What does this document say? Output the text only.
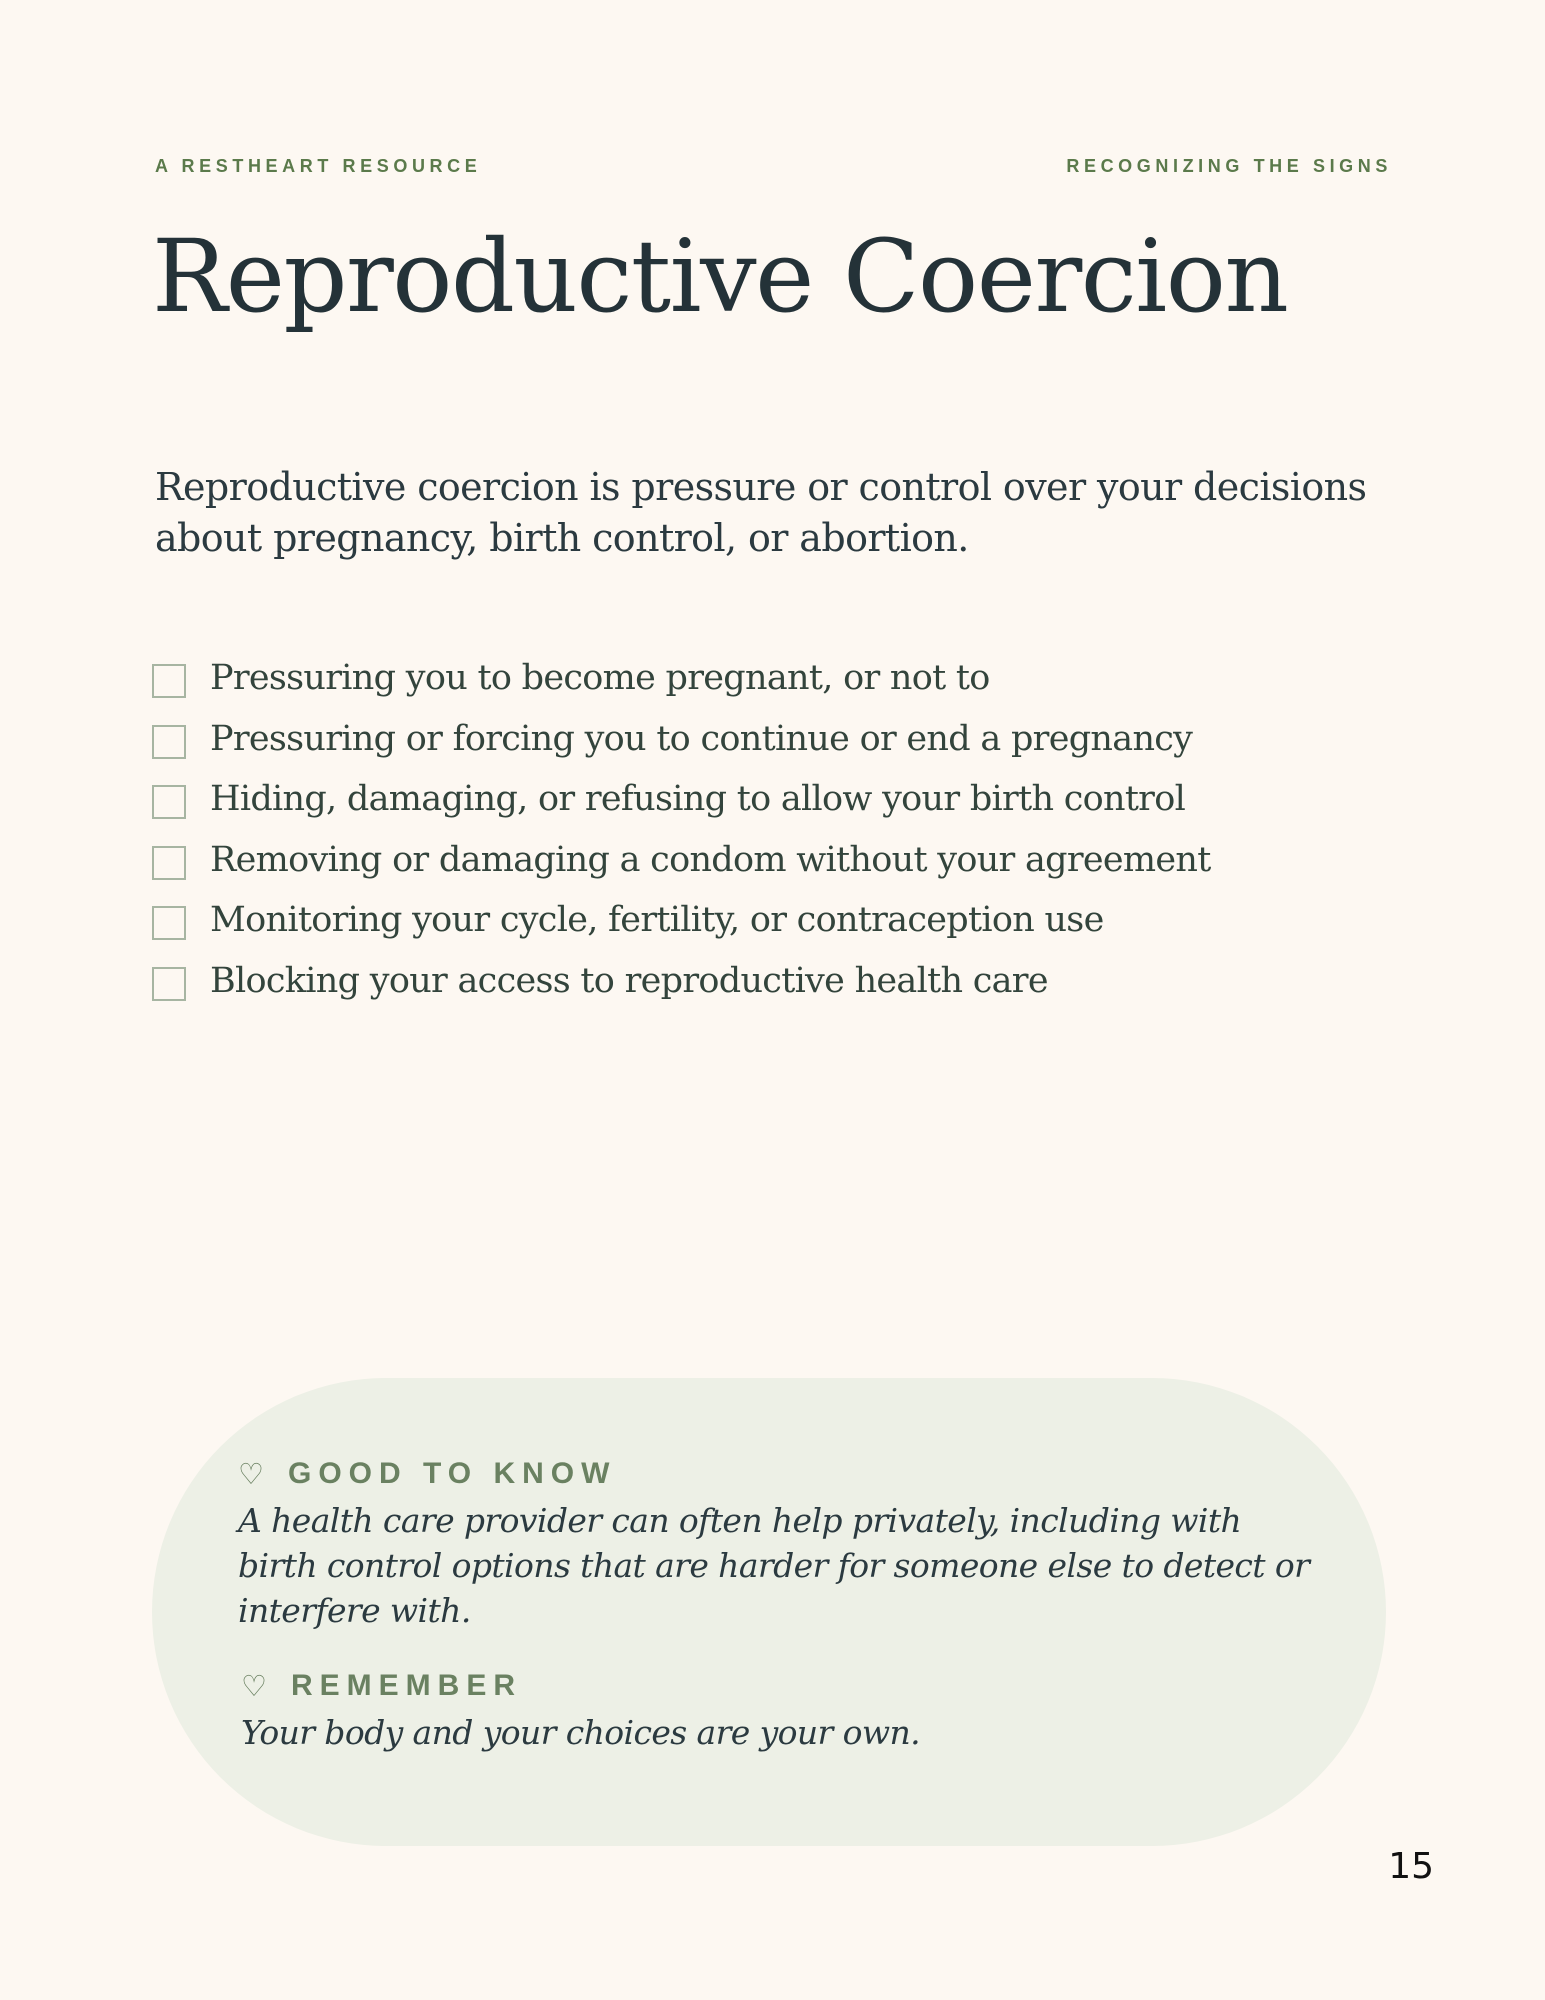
A RESTHEART RESOURCE	RECOGNIZING THE SIGNS
Reproductive Coercion

Reproductive coercion is pressure or control over your decisions about pregnancy, birth control, or abortion.

Pressuring you to become pregnant, or not to
Pressuring or forcing you to continue or end a pregnancy
Hiding, damaging, or refusing to allow your birth control
Removing or damaging a condom without your agreement
Monitoring your cycle, fertility, or contraception use
Blocking your access to reproductive health care
♡ GOOD TO KNOW

A health care provider can often help privately, including with birth control options that are harder for someone else to detect or interfere with.

♡ REMEMBER

Your body and your choices are your own.

15
